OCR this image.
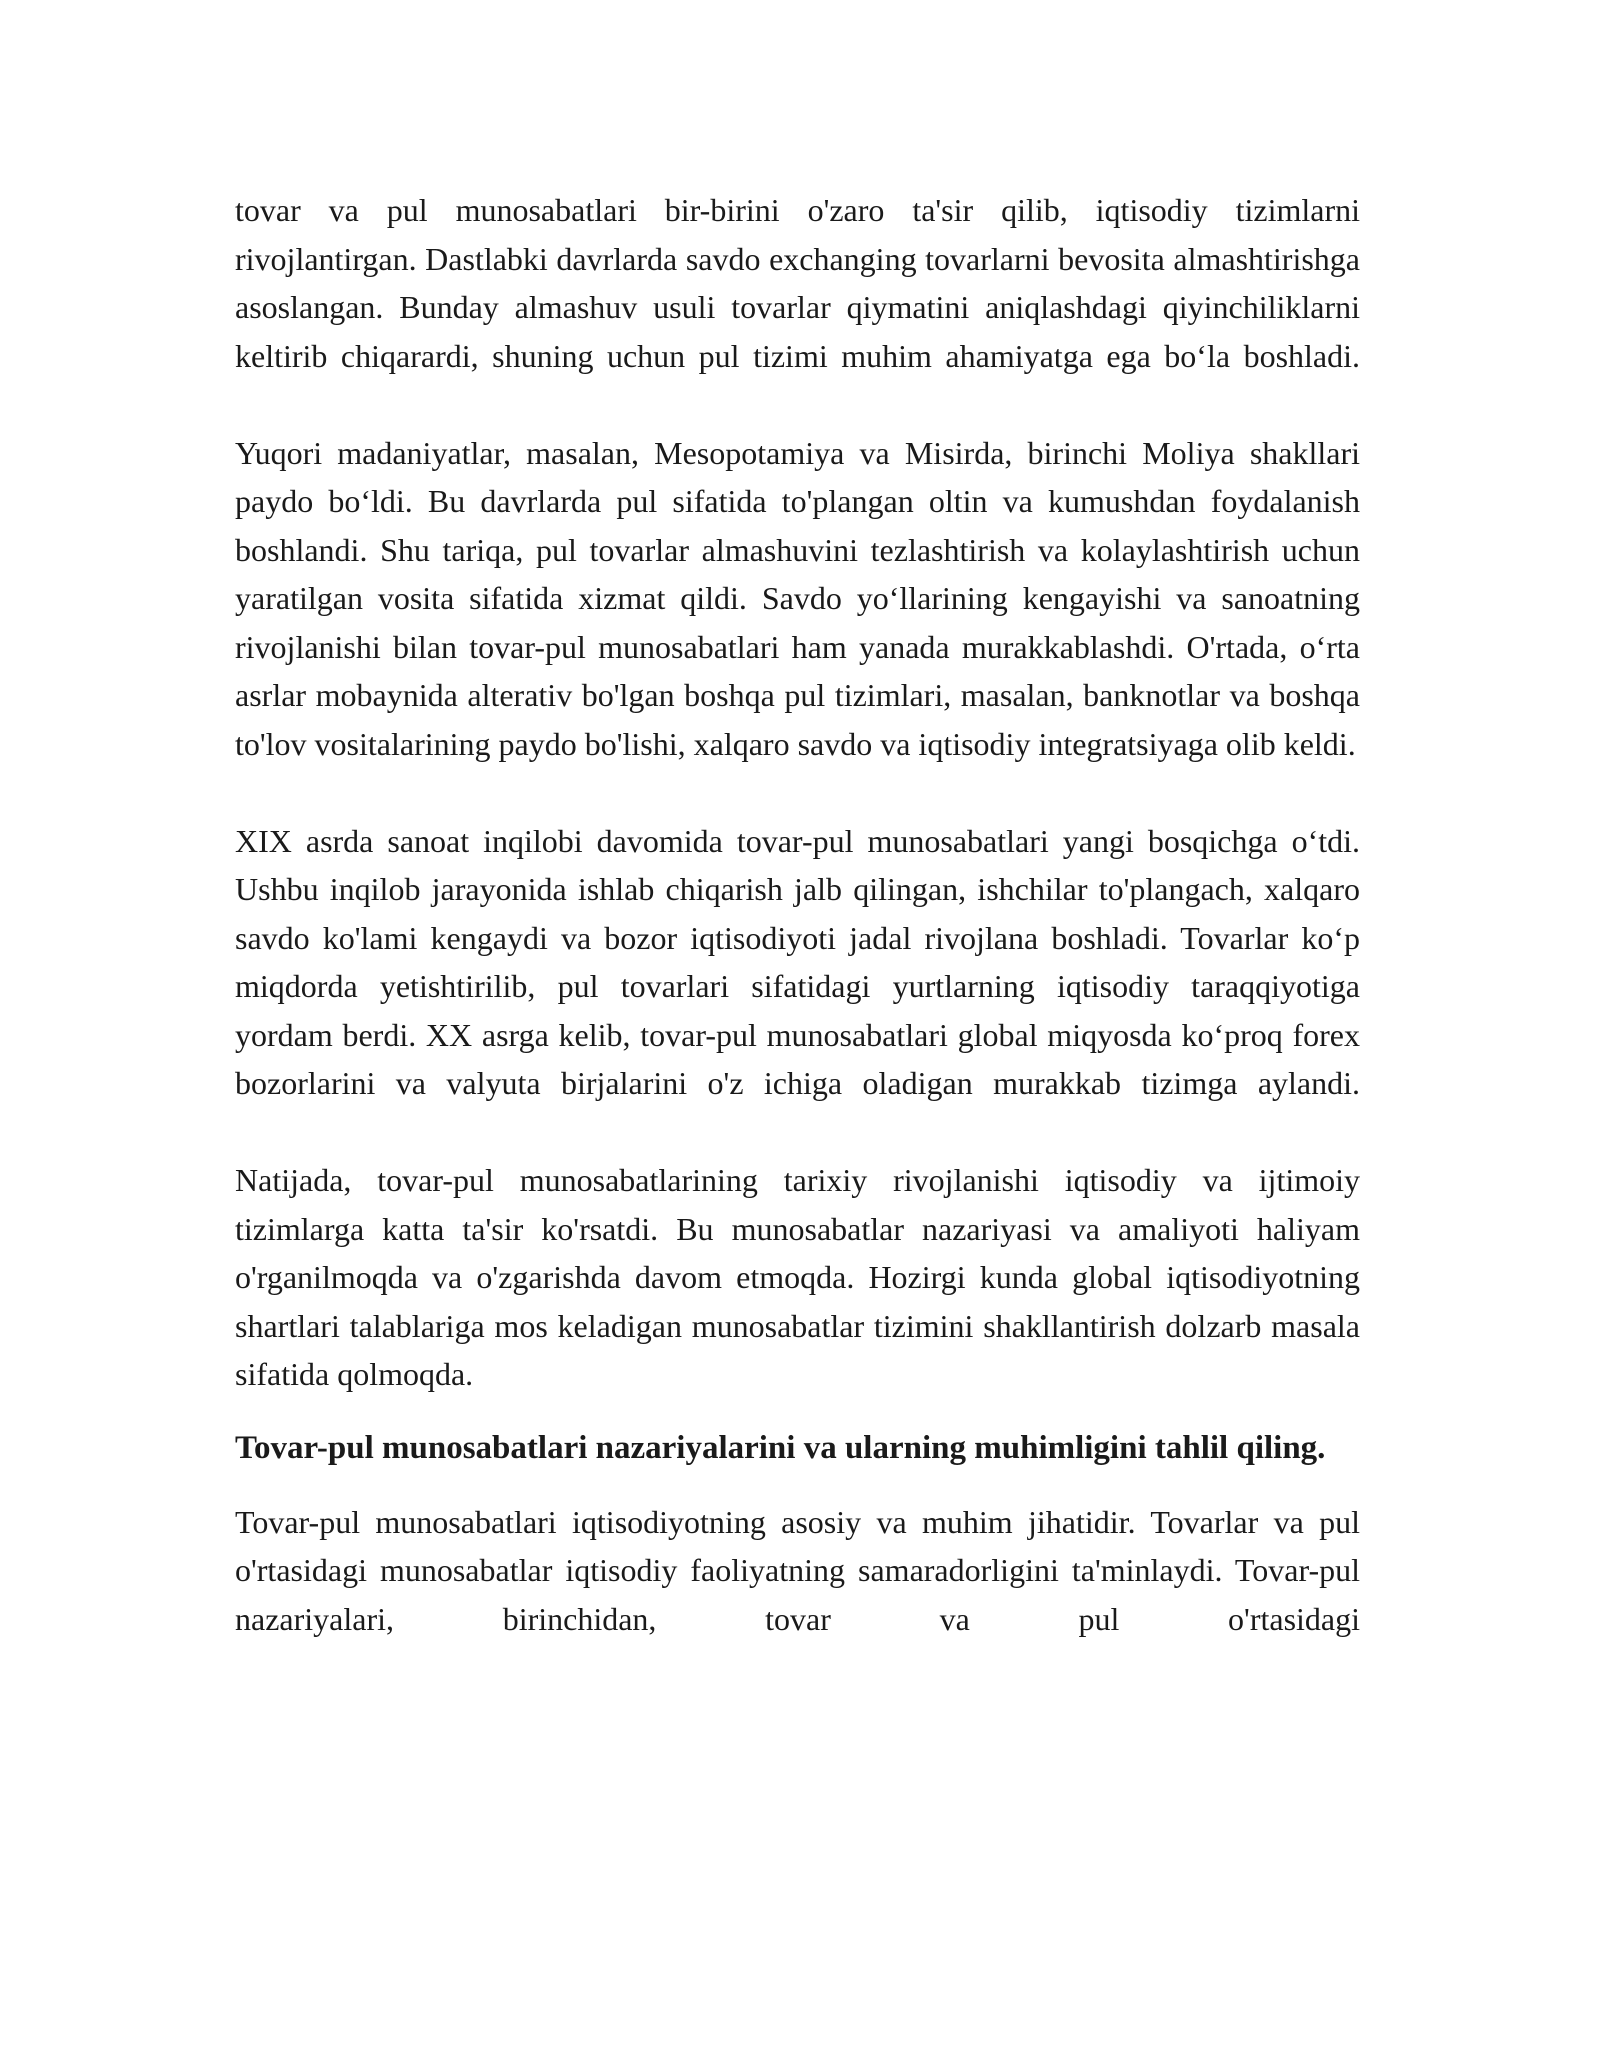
tovar va pul munosabatlari bir-birini o'zaro ta'sir qilib, iqtisodiy tizimlarni rivojlantirgan. Dastlabki davrlarda savdo exchanging tovarlarni bevosita almashtirishga asoslangan. Bunday almashuv usuli tovarlar qiymatini aniqlashdagi qiyinchiliklarni keltirib chiqarardi, shuning uchun pul tizimi muhim ahamiyatga ega bo‘la boshladi.

Yuqori madaniyatlar, masalan, Mesopotamiya va Misirda, birinchi Moliya shakllari paydo bo‘ldi. Bu davrlarda pul sifatida to'plangan oltin va kumushdan foydalanish boshlandi. Shu tariqa, pul tovarlar almashuvini tezlashtirish va kolaylashtirish uchun yaratilgan vosita sifatida xizmat qildi. Savdo yo‘llarining kengayishi va sanoatning rivojlanishi bilan tovar-pul munosabatlari ham yanada murakkablashdi. O'rtada, o‘rta asrlar mobaynida alterativ bo'lgan boshqa pul tizimlari, masalan, banknotlar va boshqa to'lov vositalarining paydo bo'lishi, xalqaro savdo va iqtisodiy integratsiyaga olib keldi.

XIX asrda sanoat inqilobi davomida tovar-pul munosabatlari yangi bosqichga o‘tdi. Ushbu inqilob jarayonida ishlab chiqarish jalb qilingan, ishchilar to'plangach, xalqaro savdo ko'lami kengaydi va bozor iqtisodiyoti jadal rivojlana boshladi. Tovarlar ko‘p miqdorda yetishtirilib, pul tovarlari sifatidagi yurtlarning iqtisodiy taraqqiyotiga yordam berdi. XX asrga kelib, tovar-pul munosabatlari global miqyosda ko‘proq forex bozorlarini va valyuta birjalarini o'z ichiga oladigan murakkab tizimga aylandi.

Natijada, tovar-pul munosabatlarining tarixiy rivojlanishi iqtisodiy va ijtimoiy tizimlarga katta ta'sir ko'rsatdi. Bu munosabatlar nazariyasi va amaliyoti haliyam o'rganilmoqda va o'zgarishda davom etmoqda. Hozirgi kunda global iqtisodiyotning shartlari talablariga mos keladigan munosabatlar tizimini shakllantirish dolzarb masala sifatida qolmoqda.

Tovar-pul munosabatlari nazariyalarini va ularning muhimligini tahlil qiling.

Tovar-pul munosabatlari iqtisodiyotning asosiy va muhim jihatidir. Tovarlar va pul o'rtasidagi munosabatlar iqtisodiy faoliyatning samaradorligini ta'minlaydi. Tovar-pul nazariyalari, birinchidan, tovar va pul o'rtasidagi
